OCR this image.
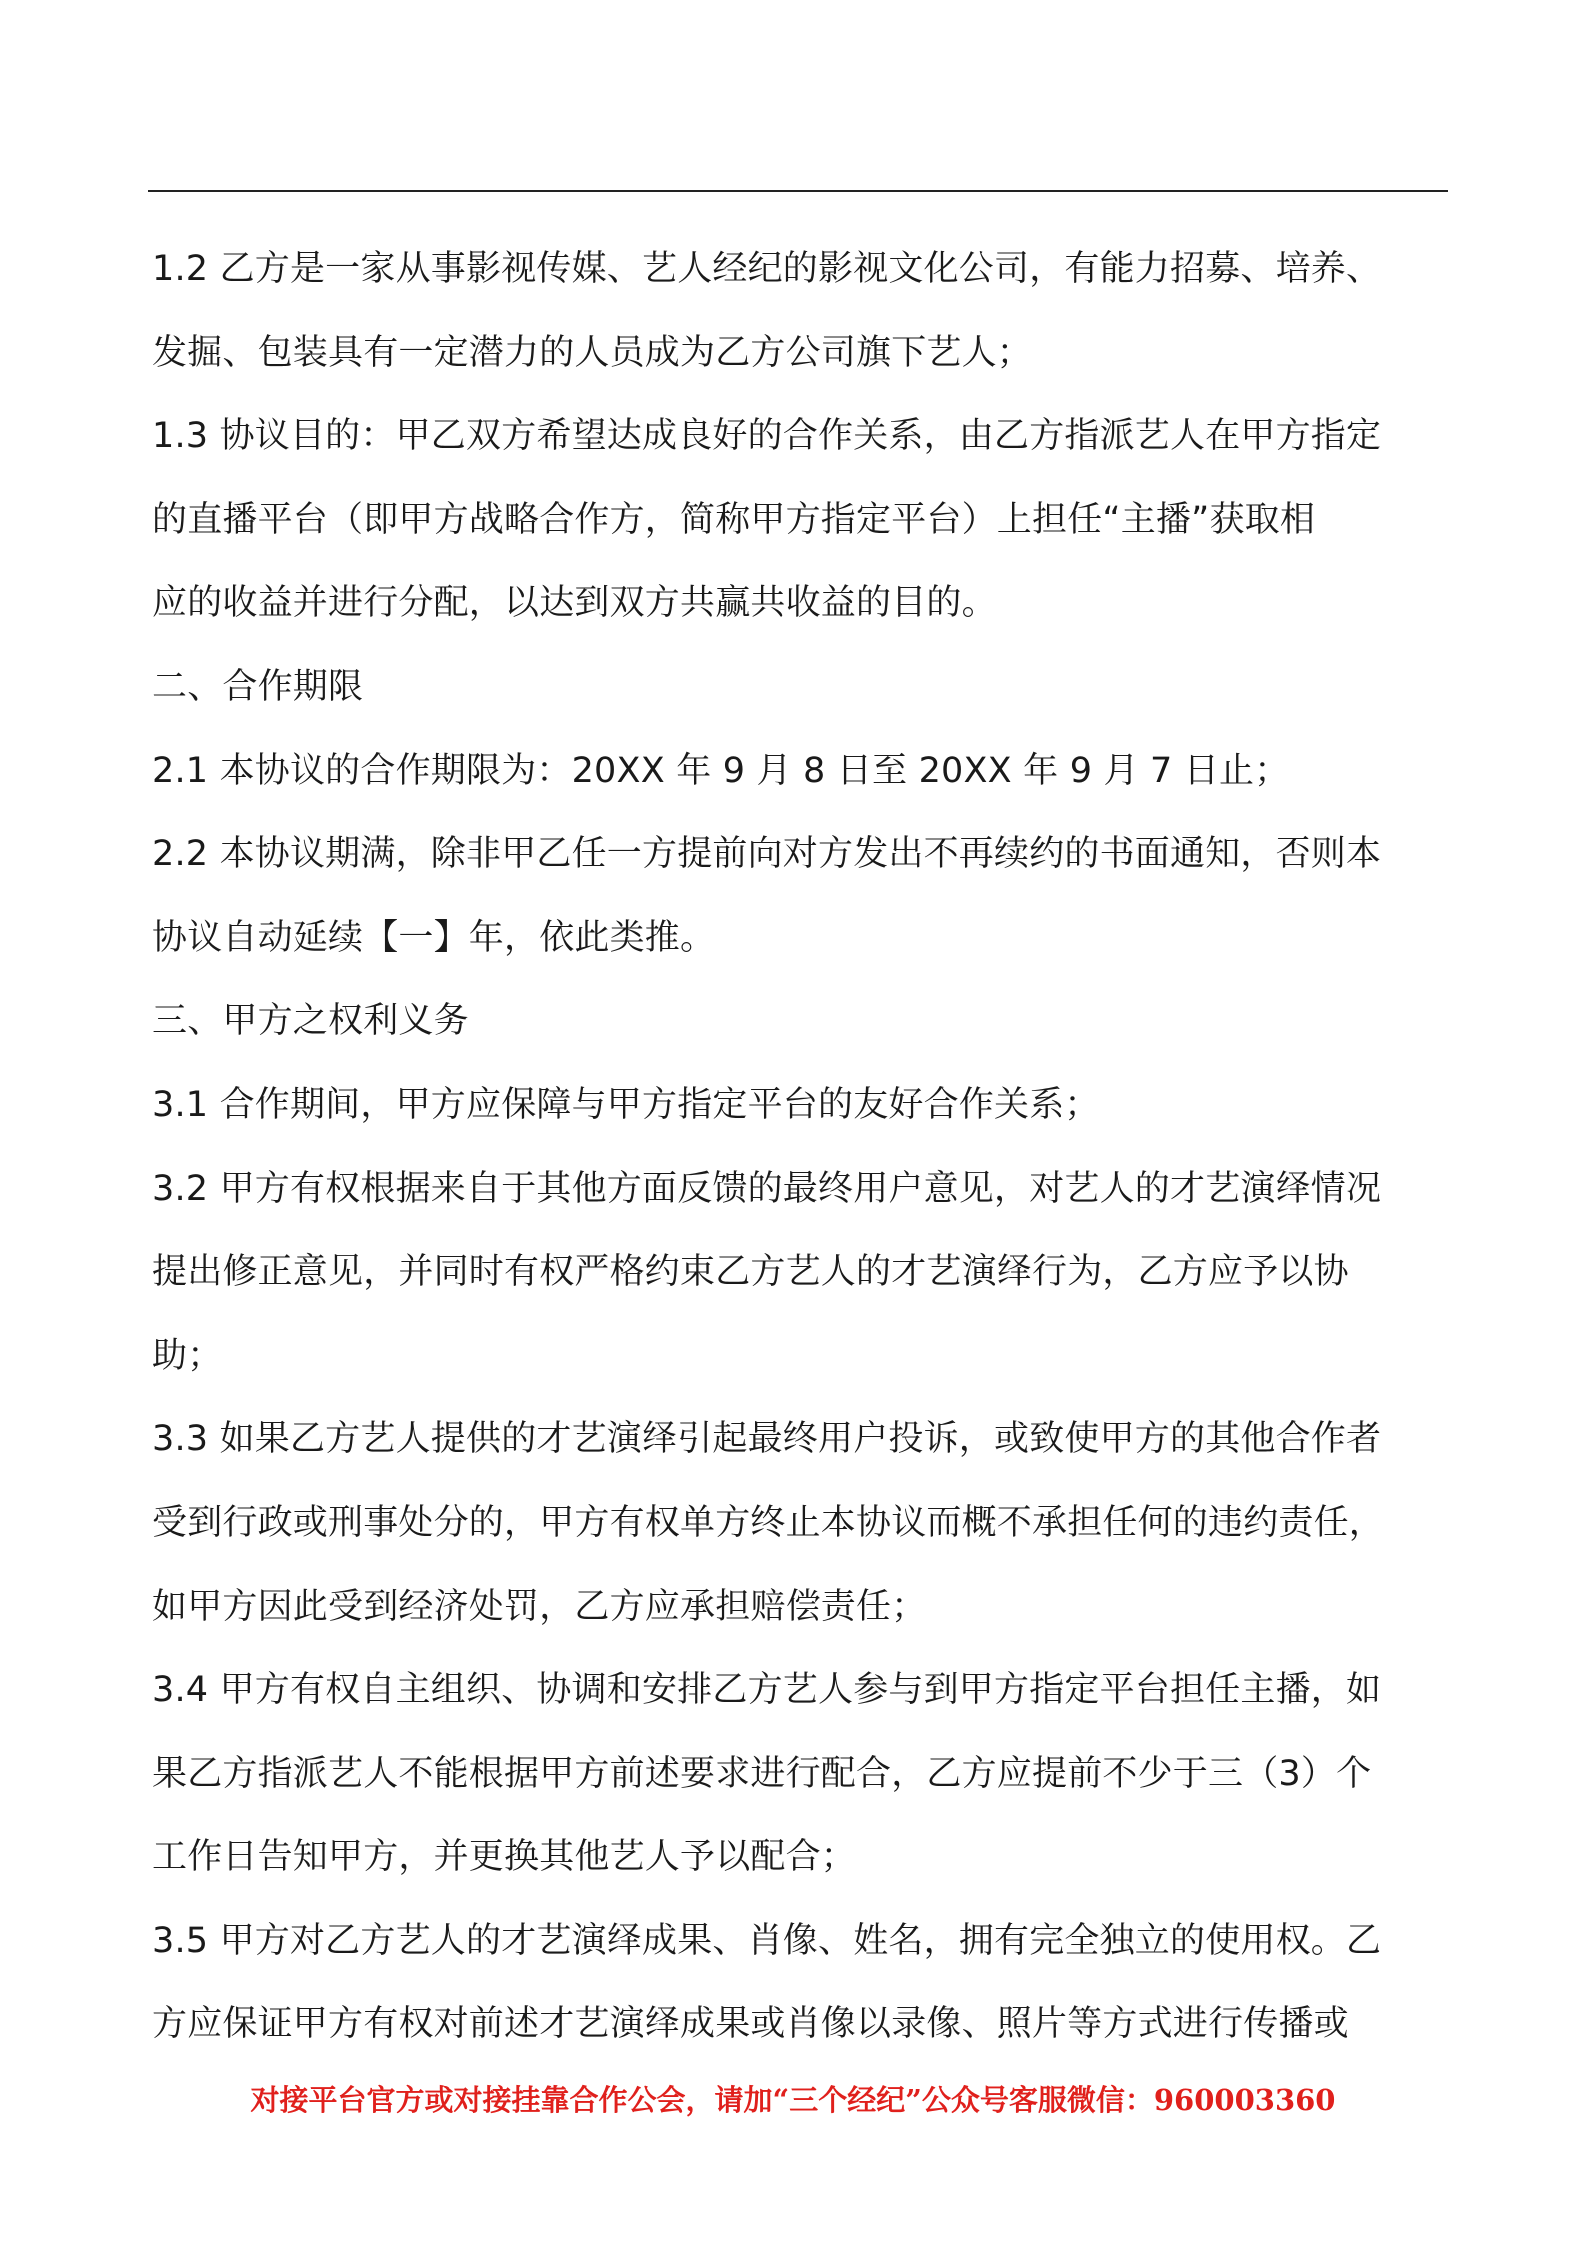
1.2 乙方是一家从事影视传媒、艺人经纪的影视文化公司，有能力招募、培养、
发掘、包装具有一定潜力的人员成为乙方公司旗下艺人；
1.3 协议目的：甲乙双方希望达成良好的合作关系，由乙方指派艺人在甲方指定
的直播平台（即甲方战略合作方，简称甲方指定平台）上担任“主播”获取相
应的收益并进行分配，以达到双方共赢共收益的目的。
二、合作期限
2.1 本协议的合作期限为：20XX 年 9 月 8 日至 20XX 年 9 月 7 日止；
2.2 本协议期满，除非甲乙任一方提前向对方发出不再续约的书面通知，否则本
协议自动延续【一】年，依此类推。
三、甲方之权利义务
3.1 合作期间，甲方应保障与甲方指定平台的友好合作关系；
3.2 甲方有权根据来自于其他方面反馈的最终用户意见，对艺人的才艺演绎情况
提出修正意见，并同时有权严格约束乙方艺人的才艺演绎行为，乙方应予以协
助；
3.3 如果乙方艺人提供的才艺演绎引起最终用户投诉，或致使甲方的其他合作者
受到行政或刑事处分的，甲方有权单方终止本协议而概不承担任何的违约责任，
如甲方因此受到经济处罚，乙方应承担赔偿责任；
3.4 甲方有权自主组织、协调和安排乙方艺人参与到甲方指定平台担任主播，如
果乙方指派艺人不能根据甲方前述要求进行配合，乙方应提前不少于三（3）个
工作日告知甲方，并更换其他艺人予以配合；
3.5 甲方对乙方艺人的才艺演绎成果、肖像、姓名，拥有完全独立的使用权。乙
方应保证甲方有权对前述才艺演绎成果或肖像以录像、照片等方式进行传播或
对接平台官方或对接挂靠合作公会，请加“三个经纪”公众号客服微信：960003360
